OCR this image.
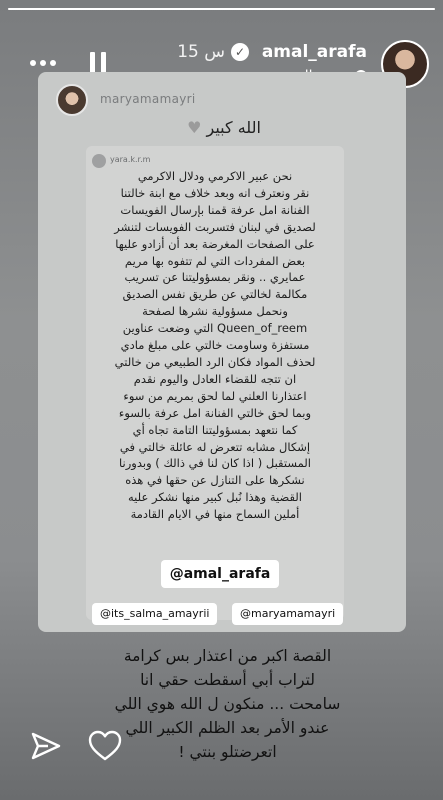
15 س ✓ amal_arafa
maryamamayri
الله كبير ♥
yara.k.r.m
نحن عبير الاكرمي ودلال الاكرمي
نقر ونعترف انه وبعد خلاف مع ابنة خالتنا
الفنانة امل عرفة قمنا بإرسال الفويسات
لصديق في لبنان فتسربت الفويسات لتنشر
على الصفحات المغرضة بعد أن أزادو عليها
بعض المفردات التي لم تتفوه بها مريم
عمايري .. ونقر بمسؤوليتنا عن تسريب
مكالمة لخالتي عن طريق نفس الصديق
ونحمل مسؤولية نشرها لصفحة
Queen_of_reem التي وضعت عناوين
مستفزة وساومت خالتي على مبلغ مادي
لحذف المواد فكان الرد الطبيعي من خالتي
ان تتجه للقضاء العادل واليوم نقدم
اعتذارنا العلني لما لحق بمريم من سوء
وبما لحق خالتي الفنانة امل عرفة بالسوء
كما نتعهد بمسؤوليتنا التامة تجاه أي
إشكال مشابه تتعرض له عائلة خالتي في
المستقبل ( اذا كان لنا في ذالك ) وبدورنا
نشكرها على التنازل عن حقها في هذه
القضية وهذا نُبل كبير منها نشكر عليه
أملين السماح منها في الايام القادمة
@amal_arafa
@its_salma_amayrii	@maryamamayri
القصة اكبر من اعتذار بس كرامة
لتراب أبي أسقطت حقي انا
سامحت ... منكون ل الله هوي اللي
عندو الأمر بعد الظلم الكبير اللي
اتعرضتلو بنتي !
